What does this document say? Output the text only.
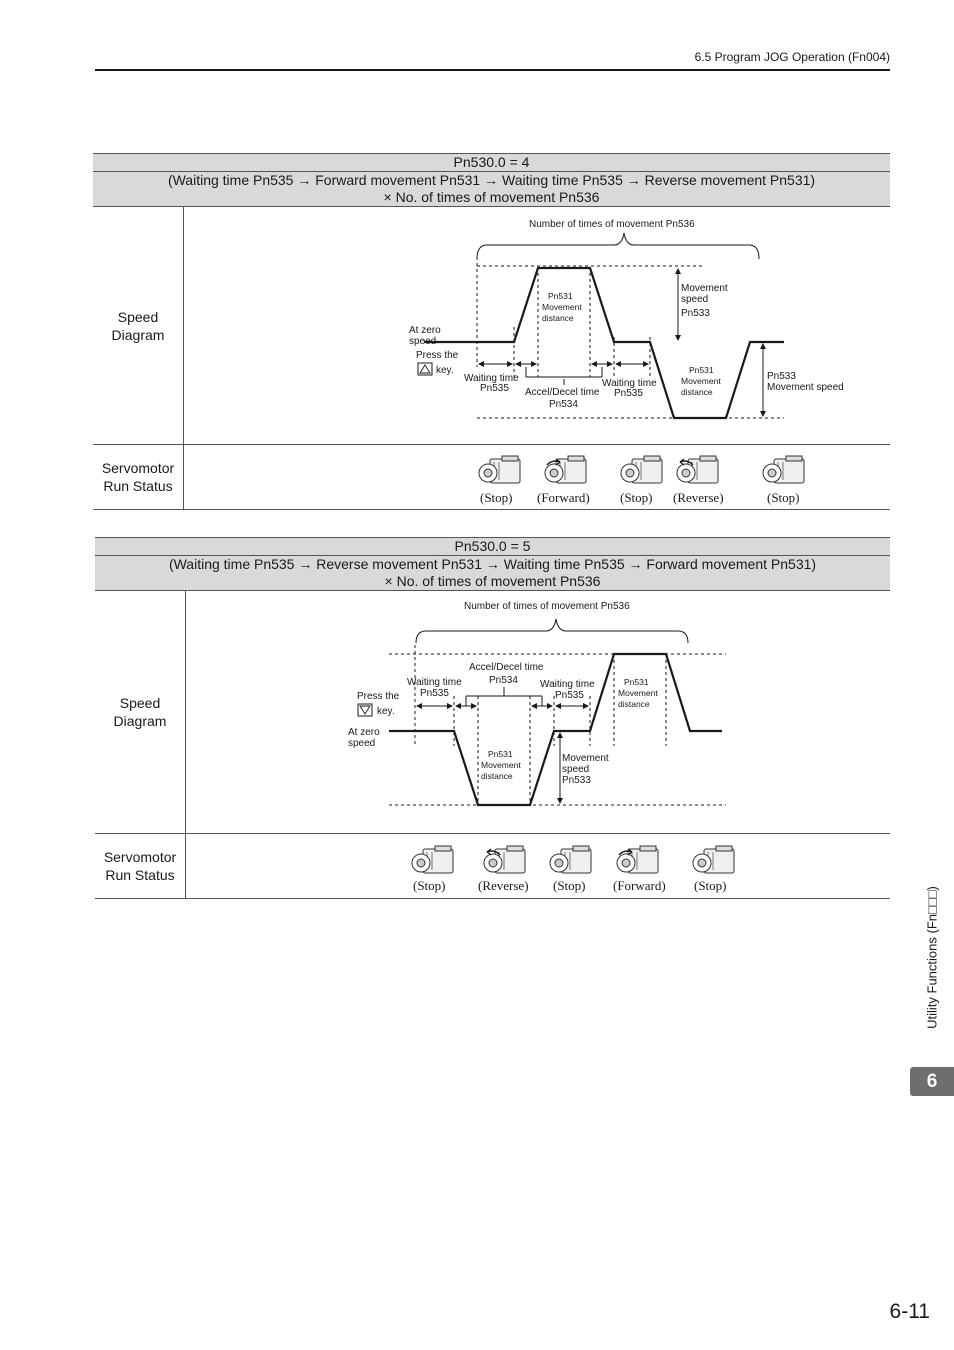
6.5 Program JOG Operation (Fn004)
Pn530.0 = 4
(Waiting time Pn535 → Forward movement Pn531 → Waiting time Pn535 → Reverse movement Pn531)
× No. of times of movement Pn536
Speed
Diagram
Number of times of movement Pn536
Movement
speed
Pn533
Pn531
Movement
distance
At zero
speed
Press the
key.
Waiting time
Pn535 Accel/Decel time
Pn534
Waiting time
Pn535
Pn531
Movement
distance
Pn533
Movement speed
Servomotor
Run Status
(Stop) (Forward) (Stop) (Reverse)	(Stop)
Pn530.0 = 5
(Waiting time Pn535 → Reverse movement Pn531 → Waiting time Pn535 → Forward movement Pn531)
× No. of times of movement Pn536
Speed
Diagram
Number of times of movement Pn536
Accel/Decel time
Pn534
Waiting time
Pn535
Waiting time
Pn535
Press the
key.
At zero
speed
Pn531
Movement
distance
Movement
speed
Pn533
Pn531
Movement
distance
Servomotor
Run Status
(Stop)	(Reverse) (Stop) (Forward) (Stop)
Utility Functions (Fn□□□)
6
6-11
